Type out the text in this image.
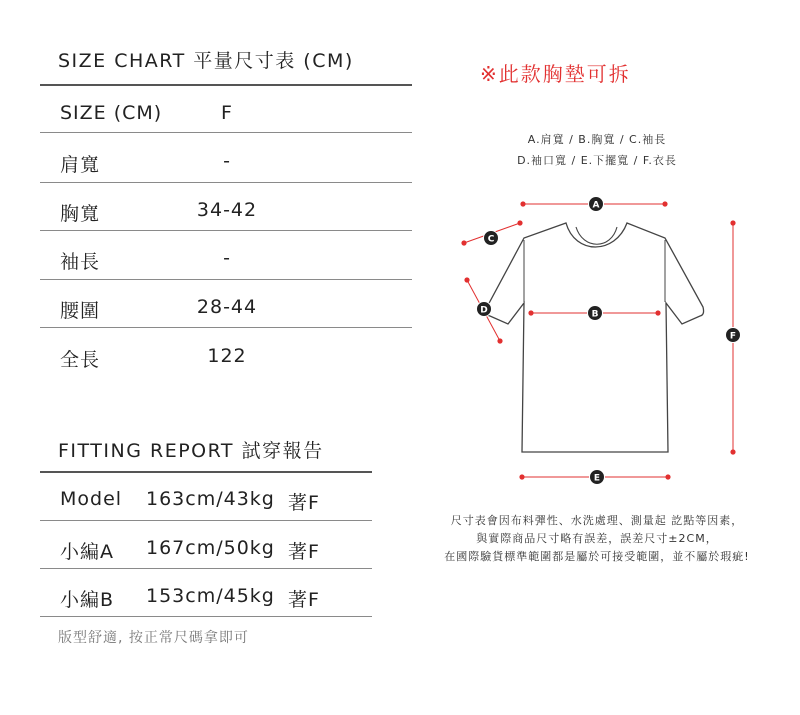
SIZE CHART 平量尺寸表 (CM)
SIZE (CM)	F
肩寬	-
胸寬	34-42
袖長	-
腰圍	28-44
全長	122
FITTING REPORT 試穿報告
Model 163cm/43kg 著F
小編A 167cm/50kg 著F
小編B 153cm/45kg 著F
版型舒適, 按正常尺碼拿即可
※此款胸墊可拆
A.肩寬 / B.胸寬 / C.袖長
D.袖口寬 / E.下擺寬 / F.衣長
A
C
D	B
E
F
尺寸表會因布料彈性、水洗處理、測量起 訖點等因素，
與實際商品尺寸略有誤差，誤差尺寸±2CM，
在國際驗貨標準範圍都是屬於可接受範圍，並不屬於瑕疵!
